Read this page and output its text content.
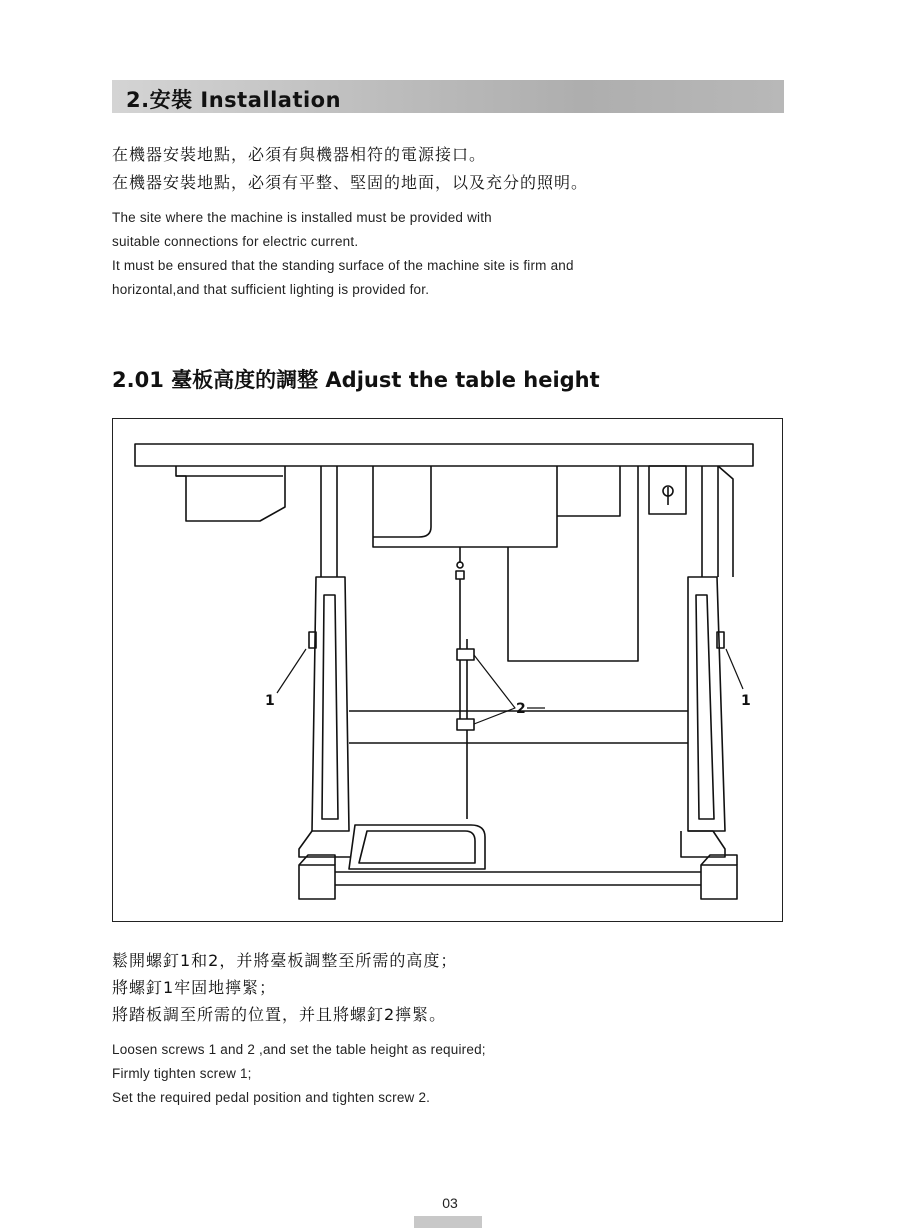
2.安裝 Installation
在機器安裝地點，必須有與機器相符的電源接口。
在機器安裝地點，必須有平整、堅固的地面，以及充分的照明。
The site where the machine is installed must be provided with
suitable connections for electric current.
It must be ensured that the standing surface of the machine site is firm and
horizontal,and that sufficient lighting is provided for.
2.01 臺板高度的調整 Adjust the table height
1	1
2
鬆開螺釘1和2，并將臺板調整至所需的高度；
將螺釘1牢固地擰緊；
將踏板調至所需的位置，并且將螺釘2擰緊。
Loosen screws 1 and 2 ,and set the table height as required;
Firmly tighten screw 1;
Set the required pedal position and tighten screw 2.
03
